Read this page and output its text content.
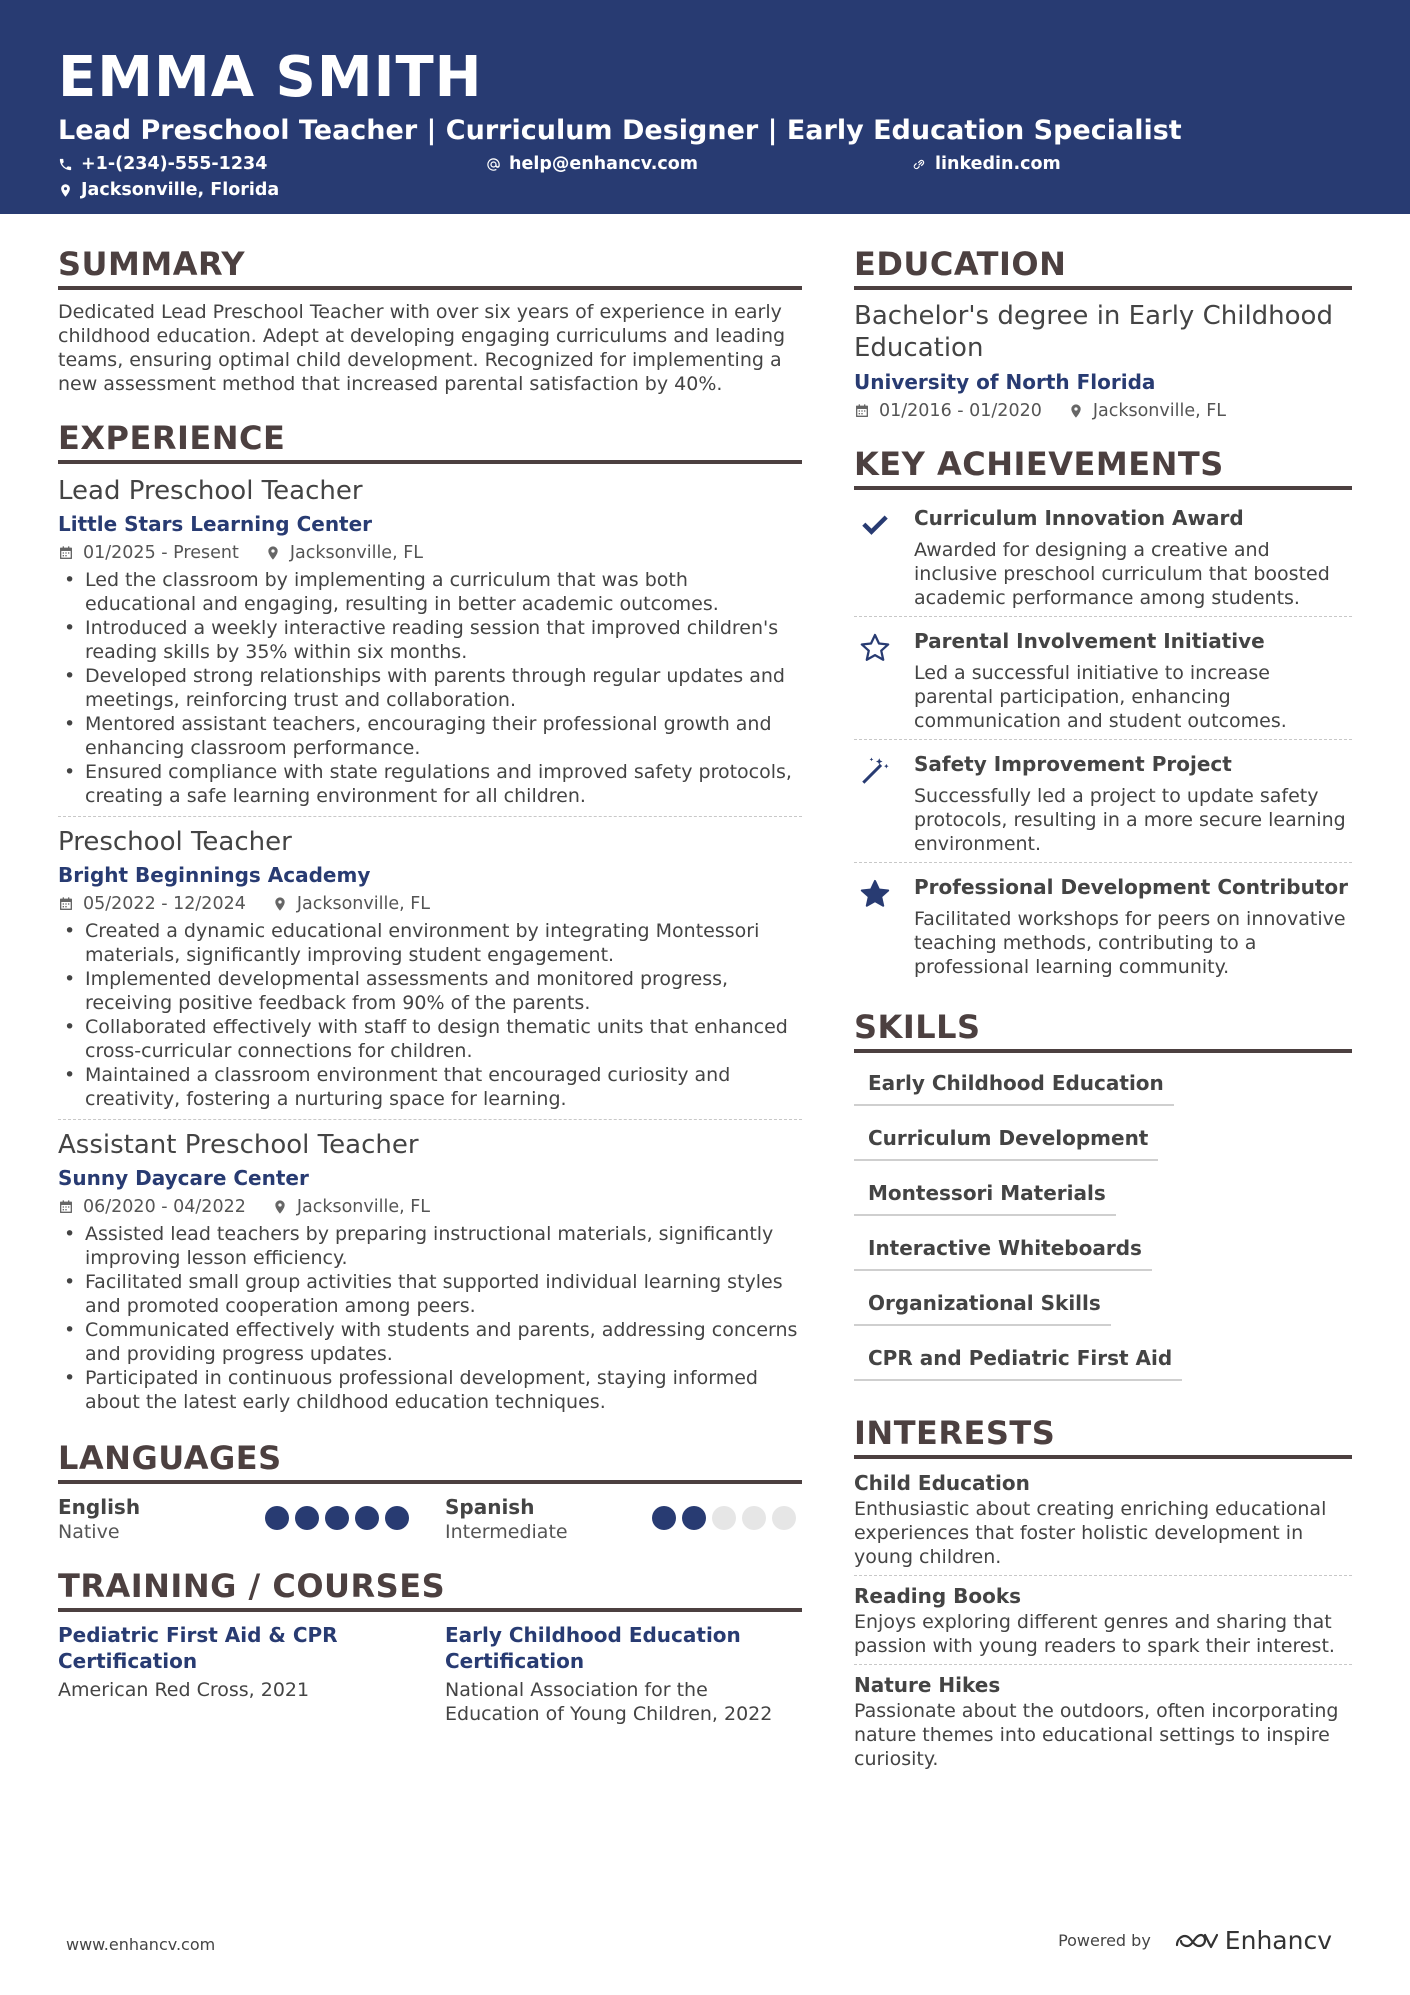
EMMA SMITH
Lead Preschool Teacher | Curriculum Designer | Early Education Specialist
+1-(234)-555-1234	help@enhancv.com	linkedin.com
Jacksonville, Florida
SUMMARY
Dedicated Lead Preschool Teacher with over six years of experience in early childhood education. Adept at developing engaging curriculums and leading teams, ensuring optimal child development. Recognized for implementing a new assessment method that increased parental satisfaction by 40%.
EXPERIENCE
Lead Preschool Teacher
Little Stars Learning Center
01/2025 - Present	Jacksonville, FL
• Led the classroom by implementing a curriculum that was both educational and engaging, resulting in better academic outcomes.
• Introduced a weekly interactive reading session that improved children's reading skills by 35% within six months.
• Developed strong relationships with parents through regular updates and meetings, reinforcing trust and collaboration.
• Mentored assistant teachers, encouraging their professional growth and enhancing classroom performance.
• Ensured compliance with state regulations and improved safety protocols, creating a safe learning environment for all children.
Preschool Teacher
Bright Beginnings Academy
05/2022 - 12/2024	Jacksonville, FL
• Created a dynamic educational environment by integrating Montessori materials, significantly improving student engagement.
• Implemented developmental assessments and monitored progress, receiving positive feedback from 90% of the parents.
• Collaborated effectively with staff to design thematic units that enhanced cross-curricular connections for children.
• Maintained a classroom environment that encouraged curiosity and creativity, fostering a nurturing space for learning.
Assistant Preschool Teacher
Sunny Daycare Center
06/2020 - 04/2022	Jacksonville, FL
• Assisted lead teachers by preparing instructional materials, significantly improving lesson efficiency.
• Facilitated small group activities that supported individual learning styles and promoted cooperation among peers.
• Communicated effectively with students and parents, addressing concerns and providing progress updates.
• Participated in continuous professional development, staying informed about the latest early childhood education techniques.
LANGUAGES
English
Native
Spanish
Intermediate
TRAINING / COURSES
Pediatric First Aid & CPR Certification
American Red Cross, 2021
Early Childhood Education Certification
National Association for the Education of Young Children, 2022
EDUCATION
Bachelor's degree in Early Childhood Education
University of North Florida
01/2016 - 01/2020	Jacksonville, FL
KEY ACHIEVEMENTS
Curriculum Innovation Award
Awarded for designing a creative and inclusive preschool curriculum that boosted academic performance among students.
Parental Involvement Initiative
Led a successful initiative to increase parental participation, enhancing communication and student outcomes.
Safety Improvement Project
Successfully led a project to update safety protocols, resulting in a more secure learning environment.
Professional Development Contributor
Facilitated workshops for peers on innovative teaching methods, contributing to a professional learning community.
SKILLS
Early Childhood Education
Curriculum Development
Montessori Materials
Interactive Whiteboards
Organizational Skills
CPR and Pediatric First Aid
INTERESTS
Child Education
Enthusiastic about creating enriching educational experiences that foster holistic development in young children.
Reading Books
Enjoys exploring different genres and sharing that passion with young readers to spark their interest.
Nature Hikes
Passionate about the outdoors, often incorporating nature themes into educational settings to inspire curiosity.
www.enhancv.com	Powered by	Enhancv
